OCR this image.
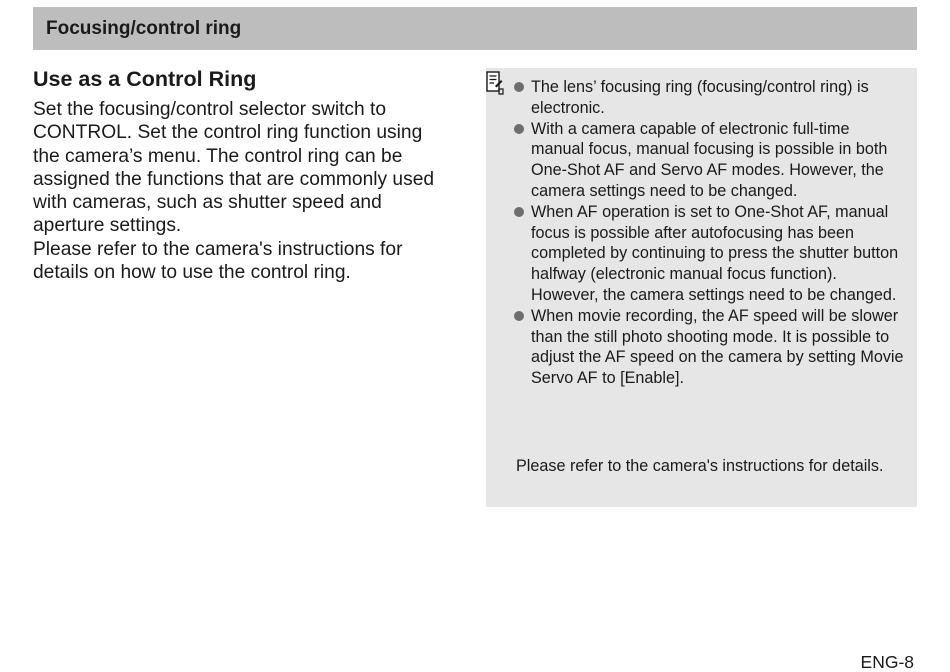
Focusing/control ring
Use as a Control Ring

Set the focusing/control selector switch to CONTROL. Set the control ring function using the camera’s menu. The control ring can be assigned the functions that are commonly used with cameras, such as shutter speed and aperture settings.

Please refer to the camera's instructions for details on how to use the control ring.

The lens’ focusing ring (focusing/control ring) is electronic.
With a camera capable of electronic full-time manual focus, manual focusing is possible in both One-Shot AF and Servo AF modes. However, the camera settings need to be changed.
When AF operation is set to One-Shot AF, manual focus is possible after autofocusing has been completed by continuing to press the shutter button halfway (electronic manual focus function). However, the camera settings need to be changed.
When movie recording, the AF speed will be slower than the still photo shooting mode. It is possible to adjust the AF speed on the camera by setting Movie Servo AF to [Enable].

Please refer to the camera's instructions for details.

ENG-8
